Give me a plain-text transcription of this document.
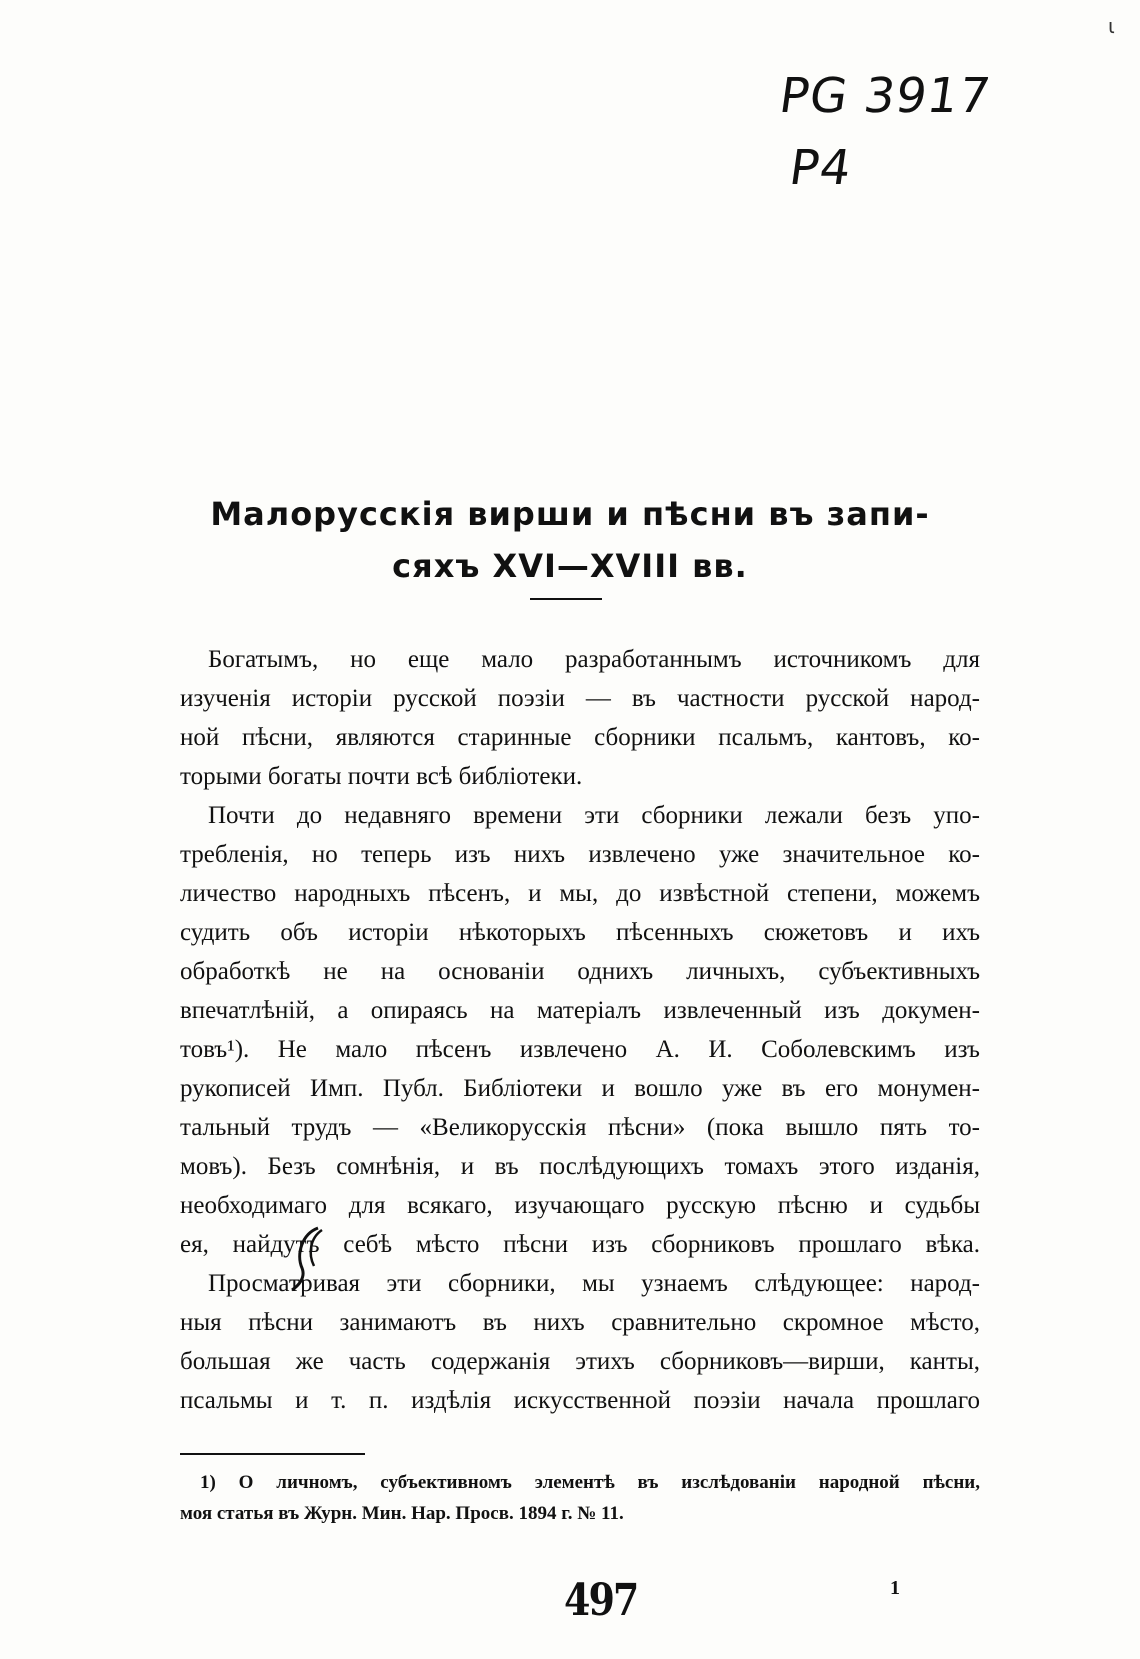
PG 3917
P4
ι
Малорусскія вирши и пѣсни въ запи-
сяхъ XVI—XVIII вв.

Богатымъ, но еще мало разработаннымъ источникомъ для
изученія исторіи русской поэзіи — въ частности русской народ-
ной пѣсни, являются старинные сборники псальмъ, кантовъ, ко-
торыми богаты почти всѣ библіотеки.

Почти до недавняго времени эти сборники лежали безъ упо-
требленія, но теперь изъ нихъ извлечено уже значительное ко-
личество народныхъ пѣсенъ, и мы, до извѣстной степени, можемъ
судить объ исторіи нѣкоторыхъ пѣсенныхъ сюжетовъ и ихъ
обработкѣ не на основаніи однихъ личныхъ, субъективныхъ
впечатлѣній, а опираясь на матеріалъ извлеченный изъ докумен-
товъ¹). Не мало пѣсенъ извлечено А. И. Соболевскимъ изъ
рукописей Имп. Публ. Библіотеки и вошло уже въ его монумен-
тальный трудъ — «Великорусскія пѣсни» (пока вышло пять то-
мовъ). Безъ сомнѣнія, и въ послѣдующихъ томахъ этого изданія,
необходимаго для всякаго, изучающаго русскую пѣсню и судьбы
ея, найдутъ себѣ мѣсто пѣсни изъ сборниковъ прошлаго вѣка.

Просматривая эти сборники, мы узнаемъ слѣдующее: народ-
ныя пѣсни занимаютъ въ нихъ сравнительно скромное мѣсто,
большая же часть содержанія этихъ сборниковъ—вирши, канты,
псальмы и т. п. издѣлія искусственной поэзіи начала прошлаго

1) О личномъ, субъективномъ элементѣ въ изслѣдованіи народной пѣсни,
моя статья въ Журн. Мин. Нар. Просв. 1894 г. № 11.
497	1
